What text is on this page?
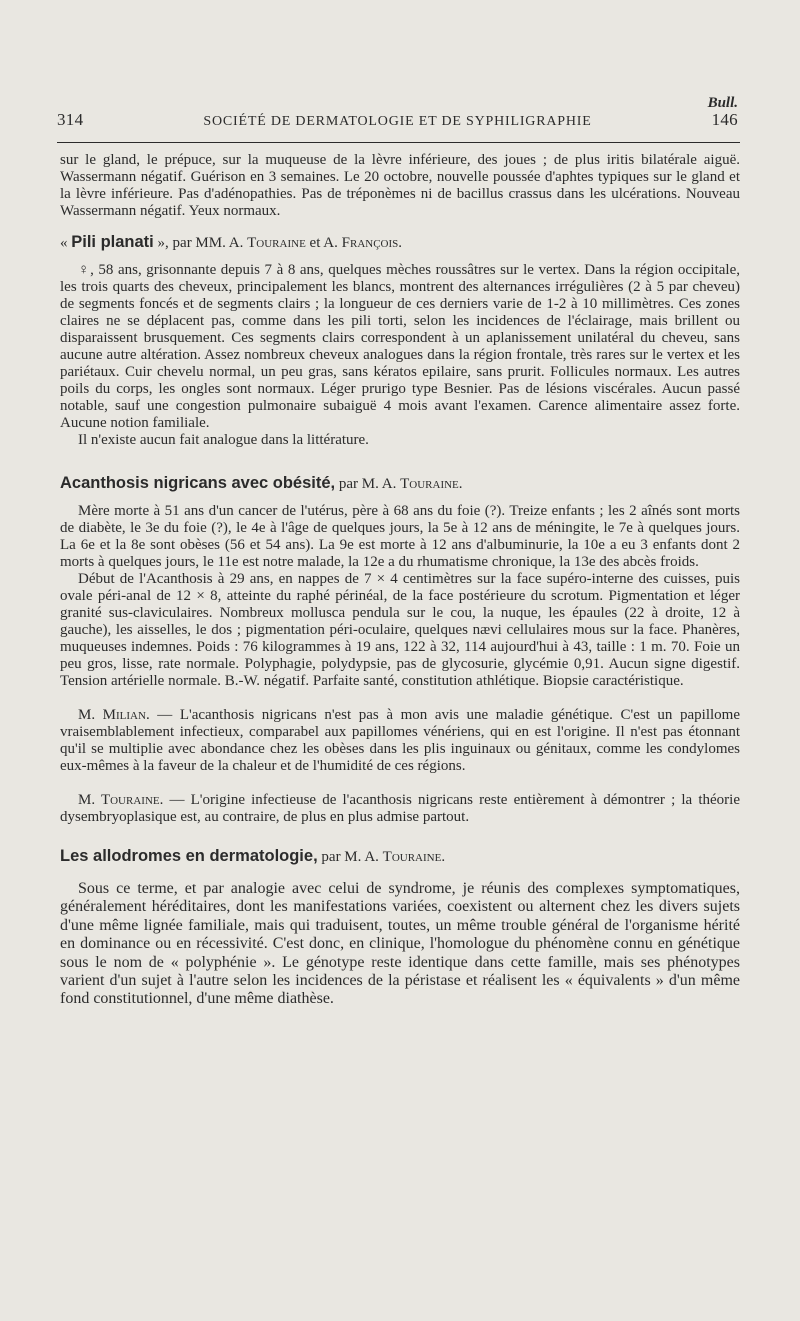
Bull.
314	SOCIÉTÉ DE DERMATOLOGIE ET DE SYPHILIGRAPHIE	146

sur le gland, le prépuce, sur la muqueuse de la lèvre inférieure, des joues ; de plus iritis bilatérale aiguë. Wassermann négatif. Guérison en 3 semaines. Le 20 octobre, nouvelle poussée d'aphtes typiques sur le gland et la lèvre inférieure. Pas d'adénopathies. Pas de tréponèmes ni de bacillus crassus dans les ulcérations. Nouveau Wassermann négatif. Yeux normaux.

« Pili planati », par MM. A. Touraine et A. François.

♀, 58 ans, grisonnante depuis 7 à 8 ans, quelques mèches roussâtres sur le vertex. Dans la région occipitale, les trois quarts des cheveux, principalement les blancs, montrent des alternances irrégulières (2 à 5 par cheveu) de segments foncés et de segments clairs ; la longueur de ces derniers varie de 1-2 à 10 millimètres. Ces zones claires ne se déplacent pas, comme dans les pili torti, selon les incidences de l'éclairage, mais brillent ou disparaissent brusquement. Ces segments clairs correspondent à un aplanissement unilatéral du cheveu, sans aucune autre altération. Assez nombreux cheveux analogues dans la région frontale, très rares sur le vertex et les pariétaux. Cuir chevelu normal, un peu gras, sans kératos epilaire, sans prurit. Follicules normaux. Les autres poils du corps, les ongles sont normaux. Léger prurigo type Besnier. Pas de lésions viscérales. Aucun passé notable, sauf une congestion pulmonaire subaiguë 4 mois avant l'examen. Carence alimentaire assez forte. Aucune notion familiale.

Il n'existe aucun fait analogue dans la littérature.

Acanthosis nigricans avec obésité, par M. A. Touraine.

Mère morte à 51 ans d'un cancer de l'utérus, père à 68 ans du foie (?). Treize enfants ; les 2 aînés sont morts de diabète, le 3e du foie (?), le 4e à l'âge de quelques jours, la 5e à 12 ans de méningite, le 7e à quelques jours. La 6e et la 8e sont obèses (56 et 54 ans). La 9e est morte à 12 ans d'albuminurie, la 10e a eu 3 enfants dont 2 morts à quelques jours, le 11e est notre malade, la 12e a du rhumatisme chronique, la 13e des abcès froids.

Début de l'Acanthosis à 29 ans, en nappes de 7 × 4 centimètres sur la face supéro-interne des cuisses, puis ovale péri-anal de 12 × 8, atteinte du raphé périnéal, de la face postérieure du scrotum. Pigmentation et léger granité sus-claviculaires. Nombreux mollusca pendula sur le cou, la nuque, les épaules (22 à droite, 12 à gauche), les aisselles, le dos ; pigmentation péri-oculaire, quelques nævi cellulaires mous sur la face. Phanères, muqueuses indemnes. Poids : 76 kilogrammes à 19 ans, 122 à 32, 114 aujourd'hui à 43, taille : 1 m. 70. Foie un peu gros, lisse, rate normale. Polyphagie, polydypsie, pas de glycosurie, glycémie 0,91. Aucun signe digestif. Tension artérielle normale. B.-W. négatif. Parfaite santé, constitution athlétique. Biopsie caractéristique.

M. Milian. — L'acanthosis nigricans n'est pas à mon avis une maladie génétique. C'est un papillome vraisemblablement infectieux, comparabel aux papillomes vénériens, qui en est l'origine. Il n'est pas étonnant qu'il se multiplie avec abondance chez les obèses dans les plis inguinaux ou génitaux, comme les condylomes eux-mêmes à la faveur de la chaleur et de l'humidité de ces régions.

M. Touraine. — L'origine infectieuse de l'acanthosis nigricans reste entièrement à démontrer ; la théorie dysembryoplasique est, au contraire, de plus en plus admise partout.

Les allodromes en dermatologie, par M. A. Touraine.

Sous ce terme, et par analogie avec celui de syndrome, je réunis des complexes symptomatiques, généralement héréditaires, dont les manifestations variées, coexistent ou alternent chez les divers sujets d'une même lignée familiale, mais qui traduisent, toutes, un même trouble général de l'organisme hérité en dominance ou en récessivité. C'est donc, en clinique, l'homologue du phénomène connu en génétique sous le nom de « polyphénie ». Le génotype reste identique dans cette famille, mais ses phénotypes varient d'un sujet à l'autre selon les incidences de la péristase et réalisent les « équivalents » d'un même fond constitutionnel, d'une même diathèse.
